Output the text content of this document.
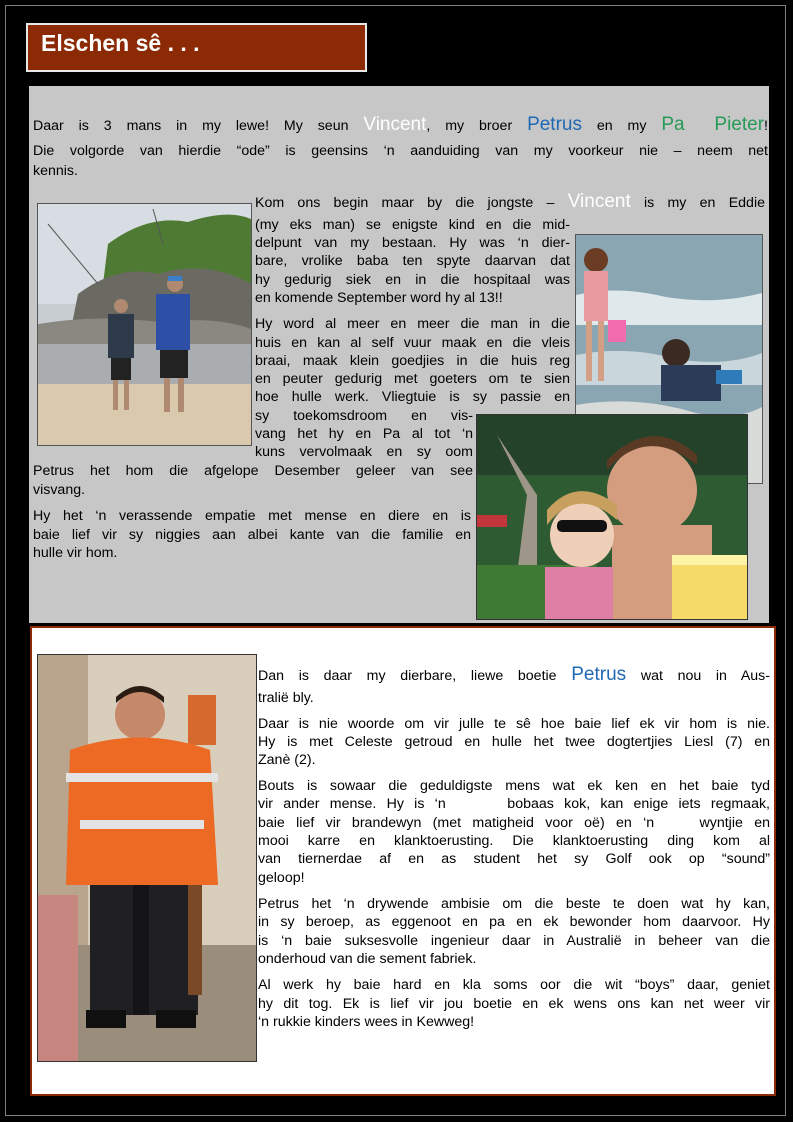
Elschen sê . . .

Daar is 3 mans in my lewe! My seun Vincent, my broer Petrus en my Pa Pieter!

Die volgorde van hierdie “ode” is geensins ‘n aanduiding van my voorkeur nie – neem net

kennis.

Kom ons begin maar by die jongste – Vincent is my en Eddie

(my eks man) se enigste kind en die mid-

delpunt van my bestaan. Hy was ‘n dier-

bare, vrolike baba ten spyte daarvan dat

hy gedurig siek en in die hospitaal was

en komende September word hy al 13!!

Hy word al meer en meer die man in die

huis en kan al self vuur maak en die vleis

braai, maak klein goedjies in die huis reg

en peuter gedurig met goeters om te sien

hoe hulle werk. Vliegtuie is sy passie en

sy toekomsdroom en vis-

vang het hy en Pa al tot ‘n

kuns vervolmaak en sy oom

Petrus het hom die afgelope Desember geleer van see

visvang.

Hy het ‘n verassende empatie met mense en diere en is

baie lief vir sy niggies aan albei kante van die familie en

hulle vir hom.

Dan is daar my dierbare, liewe boetie Petrus wat nou in Aus-

tralië bly.

Daar is nie woorde om vir julle te sê hoe baie lief ek vir hom is nie.

Hy is met Celeste getroud en hulle het twee dogtertjies Liesl (7) en

Zanè (2).

Bouts is sowaar die geduldigste mens wat ek ken en het baie tyd

vir ander mense. Hy is ‘n      bobaas kok, kan enige iets regmaak,

baie lief vir brandewyn (met matigheid voor oë) en ‘n    wyntjie en

mooi karre en klanktoerusting. Die klanktoerusting ding kom al

van tiernerdae af en as student het sy Golf ook op “sound”

geloop!

Petrus het ‘n drywende ambisie om die beste te doen wat hy kan,

in sy beroep, as eggenoot en pa en ek bewonder hom daarvoor. Hy

is ‘n baie suksesvolle ingenieur daar in Australië in beheer van die

onderhoud van die sement fabriek.

Al werk hy baie hard en kla soms oor die wit “boys” daar, geniet

hy dit tog. Ek is lief vir jou boetie en ek wens ons kan net weer vir

‘n rukkie kinders wees in Kewweg!
